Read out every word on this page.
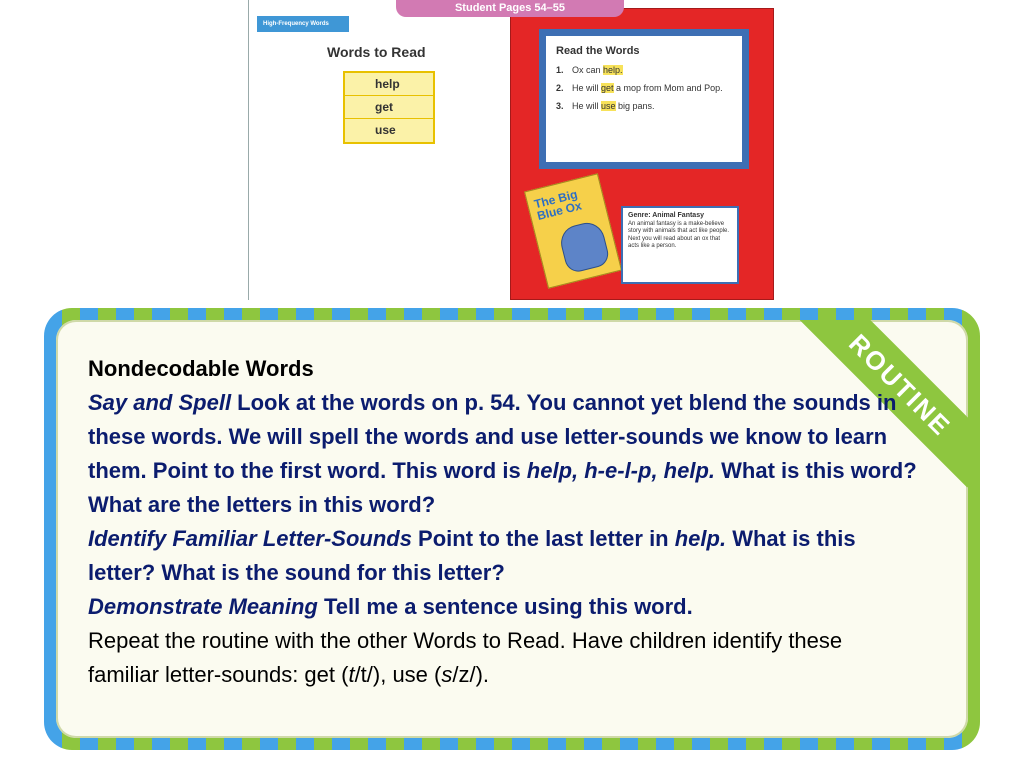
Student Pages 54–55
High-Frequency Words
Words to Read
help
get
use
Read the Words
1. Ox can help.
2. He will get a mop from Mom and Pop.
3. He will use big pans.
The Big Blue Ox	Genre: Animal Fantasy
An animal fantasy is a make-believe story with animals that act like people. Next you will read about an ox that acts like a person.
ROUTINE
Nondecodable Words
Say and Spell Look at the words on p. 54. You cannot yet blend the sounds in these words. We will spell the words and use letter-sounds we know to learn them. Point to the first word. This word is help, h-e-l-p, help. What is this word? What are the letters in this word?
Identify Familiar Letter-Sounds Point to the last letter in help. What is this letter? What is the sound for this letter?
Demonstrate Meaning Tell me a sentence using this word.
Repeat the routine with the other Words to Read. Have children identify these familiar letter-sounds: get (t/t/), use (s/z/).
